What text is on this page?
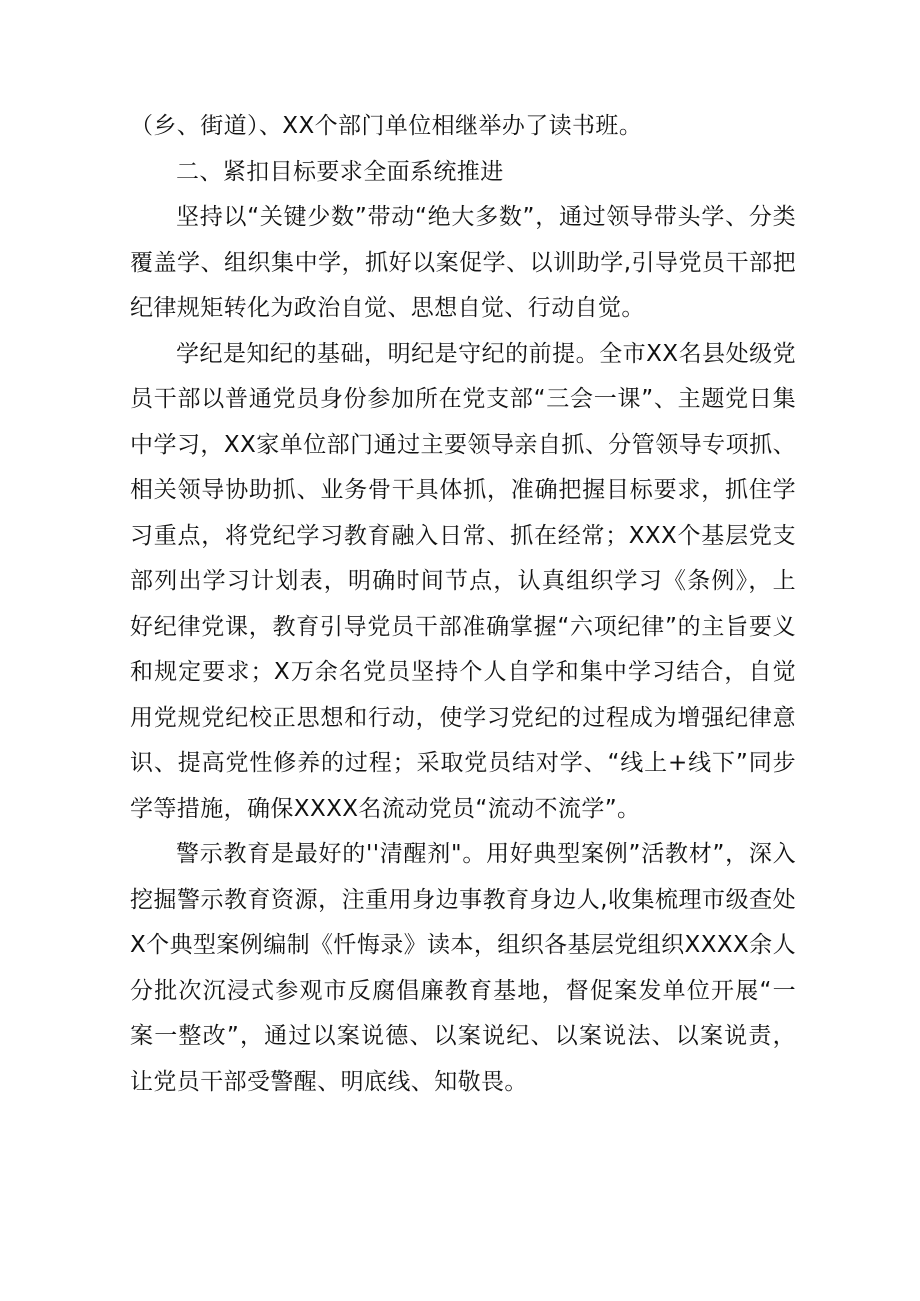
（乡、街道）、XX个部门单位相继举办了读书班。

二、紧扣目标要求全面系统推进

坚持以“关键少数”带动“绝大多数”，通过领导带头学、分类覆盖学、组织集中学，抓好以案促学、以训助学,引导党员干部把纪律规矩转化为政治自觉、思想自觉、行动自觉。

学纪是知纪的基础，明纪是守纪的前提。全市XX名县处级党员干部以普通党员身份参加所在党支部“三会一课”、主题党日集中学习，XX家单位部门通过主要领导亲自抓、分管领导专项抓、相关领导协助抓、业务骨干具体抓，准确把握目标要求，抓住学习重点，将党纪学习教育融入日常、抓在经常；XXX个基层党支部列出学习计划表，明确时间节点，认真组织学习《条例》，上好纪律党课，教育引导党员干部准确掌握“六项纪律”的主旨要义和规定要求；X万余名党员坚持个人自学和集中学习结合，自觉用党规党纪校正思想和行动，使学习党纪的过程成为增强纪律意识、提高党性修养的过程；采取党员结对学、“线上+线下”同步学等措施，确保XXXX名流动党员“流动不流学”。

警示教育是最好的''清醒剂"。用好典型案例”活教材”，深入挖掘警示教育资源，注重用身边事教育身边人,收集梳理市级查处X个典型案例编制《忏悔录》读本，组织各基层党组织XXXX余人分批次沉浸式参观市反腐倡廉教育基地，督促案发单位开展“一案一整改”，通过以案说德、以案说纪、以案说法、以案说责，让党员干部受警醒、明底线、知敬畏。
